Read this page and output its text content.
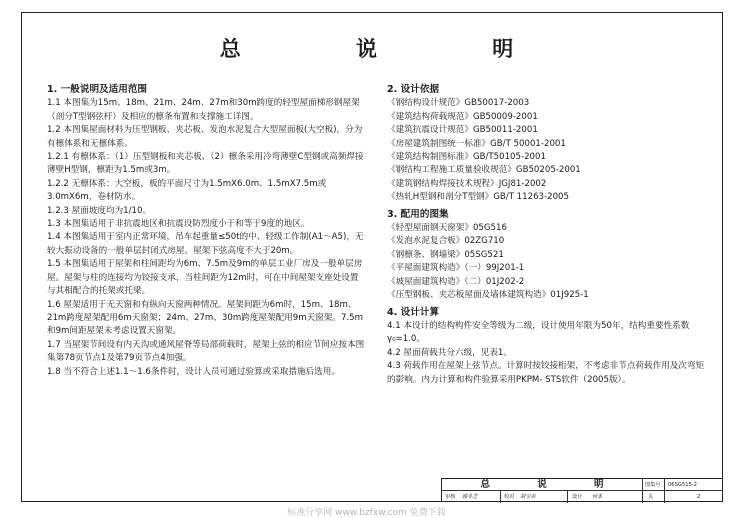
总 说 明
1. 一般说明及适用范围
1.1 本图集为15m、18m、21m、24m、27m和30m跨度的轻型屋面梯形钢屋架（剖分T型钢弦杆）及相应的檩条布置和支撑施工详图。
1.2 本图集屋面材料为压型钢板、夹芯板、发泡水泥复合大型屋面板(大空板)，分为有檩体系和无檩体系。
1.2.1 有檩体系：（1）压型钢板和夹芯板、（2）檩条采用冷弯薄壁C型钢或高频焊接薄壁H型钢，檩距为1.5m或3m。
1.2.2 无檩体系：大空板，板的平面尺寸为1.5mX6.0m、1.5mX7.5m或3.0mX6m，卷材防水。
1.2.3 屋面坡度均为1/10。
1.3 本图集适用于非抗震地区和抗震设防烈度小于和等于9度的地区。
1.4 本图集适用于室内正常环境，吊车起重量≤50t的中、轻级工作制(A1～A5)，无较大振动设备的一般单层封闭式房屋。屋架下弦高度不大于20m。
1.5 本图集适用于屋架和柱间距均为6m、7.5m及9m的单层工业厂房及一般单层房屋。屋架与柱的连接均为铰接支承，当柱间距为12m时，可在中间屋架支座处设置与其相配合的托架或托梁。
1.6 屋架适用于无天窗和有纵向天窗两种情况。屋架间距为6m时，15m、18m、21m跨度屋架配用6m天窗架；24m、27m、30m跨度屋架配用9m天窗架。7.5m和9m间距屋架未考虑设置天窗架。
1.7 当屋架节间设有内天沟或通风屋脊等局部荷载时，屋架上弦的相应节间应按本图集第78页节点1及第79页节点4加强。
1.8 当不符合上述1.1～1.6条件时，设计人员可通过验算或采取措施后选用。
2. 设计依据
《钢结构设计规范》GB50017-2003
《建筑结构荷载规范》GB50009-2001
《建筑抗震设计规范》GB50011-2001
《房屋建筑制图统一标准》GB/T 50001-2001
《建筑结构制图标准》GB/T50105-2001
《钢结构工程施工质量验收规范》GB50205-2001
《建筑钢结构焊接技术规程》JGJ81-2002
《热轧H型钢和剖分T型钢》GB/T 11263-2005
3. 配用的图集
《轻型屋面钢天窗架》05G516
《发泡水泥复合板》02ZG710
《钢檩条、钢墙梁》05SG521
《平屋面建筑构造》（一）99J201-1
《坡屋面建筑构造》（二）01J202-2
《压型钢板、夹芯板屋面及墙体建筑构造》01J925-1
4. 设计计算
4.1 本设计的结构构件安全等级为二级，设计使用年限为50年，结构重要性系数γ₀=1.0。
4.2 屋面荷载共分六级，见表1。
4.3 荷载作用在屋架上弦节点。计算时按铰接桁架，不考虑非节点荷载作用及次弯矩的影响。内力计算和构件验算采用PKPM- STS软件（2005版）。
总 说 明	图集号 06SG515-2
审核 滕冬芝	校对 胡宝弟	设计 何柔	页	2
标准分享网 www.bzfxw.com 免费下载
